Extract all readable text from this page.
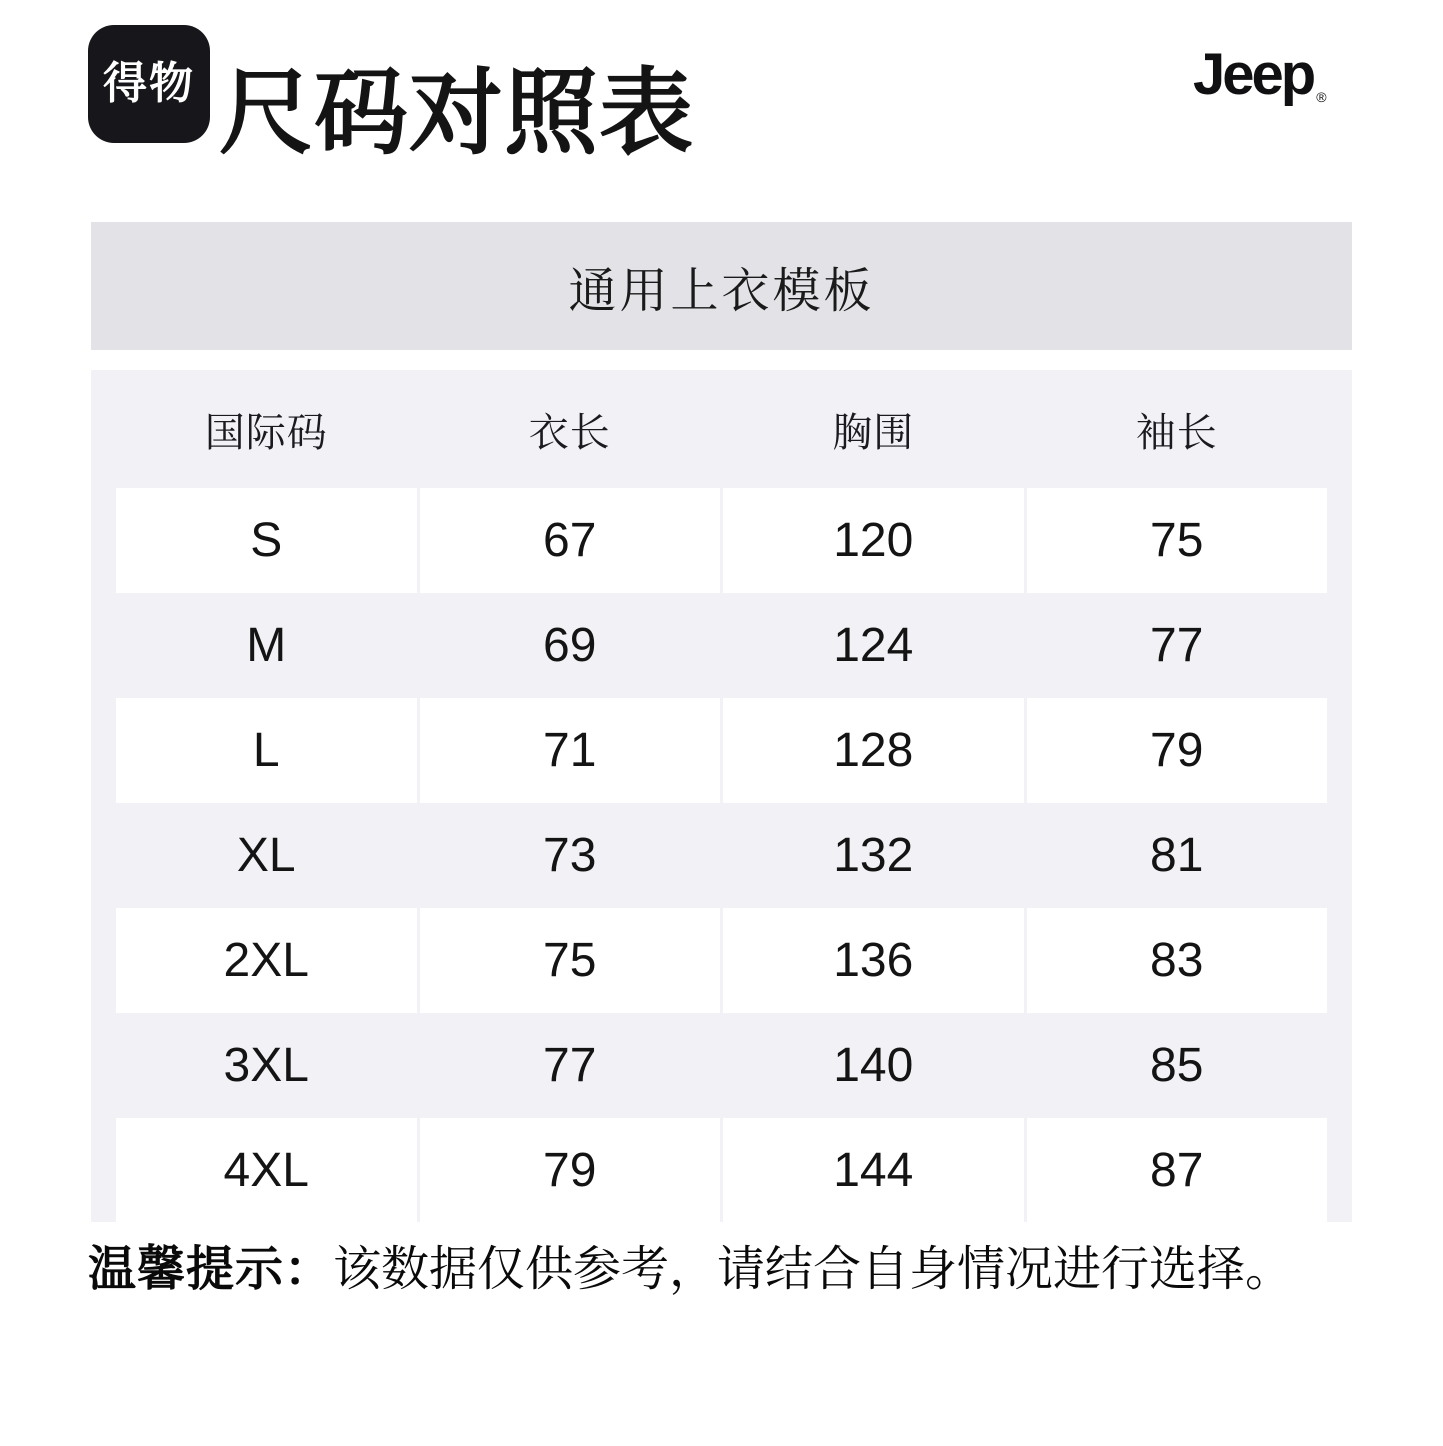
得物 尺码对照表	Jeep ®
通用上衣模板
国际码	衣长	胸围	袖长
S	67	120	75
M	69	124	77
L	71	128	79
XL	73	132	81
2XL	75	136	83
3XL	77	140	85
4XL	79	144	87
温馨提示：该数据仅供参考，请结合自身情况进行选择。
